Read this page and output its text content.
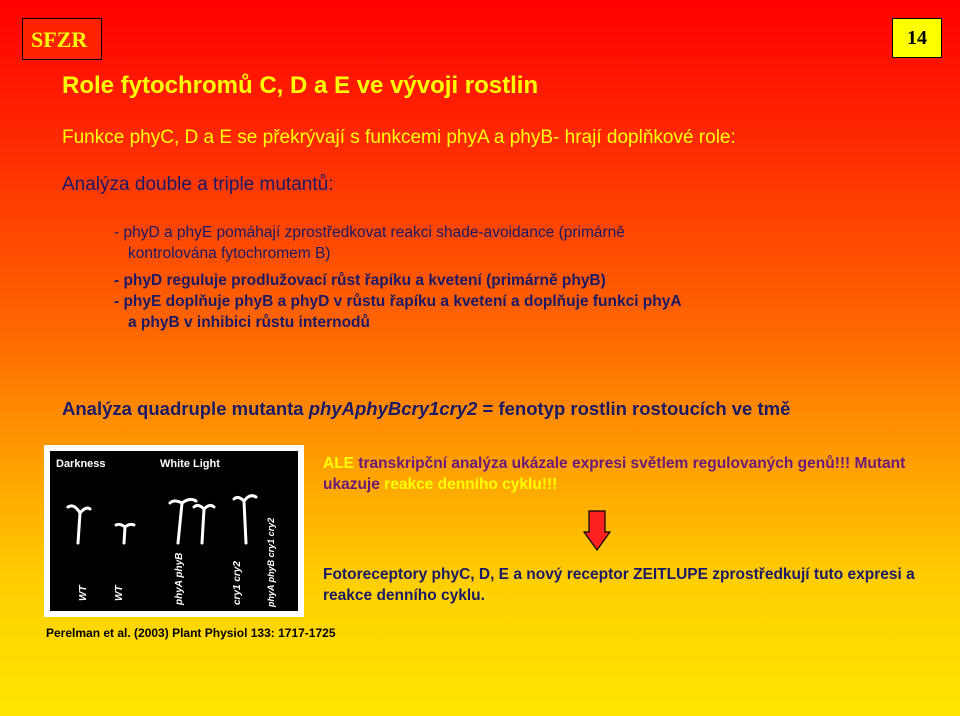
SFZR	14
Role fytochromů C, D a E ve vývoji rostlin

Funkce phyC, D a E se překrývají s funkcemi phyA a phyB- hrají doplňkové role:

Analýza double a triple mutantů:

- phyD a phyE pomáhají zprostředkovat reakci shade-avoidance (primárně
kontrolována fytochromem B)
- phyD reguluje prodlužovací růst řapíku a kvetení (primárně phyB)
- phyE doplňuje phyB a phyD v růstu řapíku a kvetení a doplňuje funkci phyA
a phyB v inhibici růstu internodů

Analýza quadruple mutanta phyAphyBcry1cry2 = fenotyp rostlin rostoucích ve tmě

Darkness	White Light
WT	WT	phyA phyB	cry1 cry2	phyA phyB cry1 cry2

Perelman et al. (2003) Plant Physiol 133: 1717-1725

ALE transkripční analýza ukázale expresi světlem regulovaných genů!!! Mutant ukazuje reakce denního cyklu!!!
Fotoreceptory phyC, D, E a nový receptor ZEITLUPE zprostředkují tuto expresi a reakce denního cyklu.
